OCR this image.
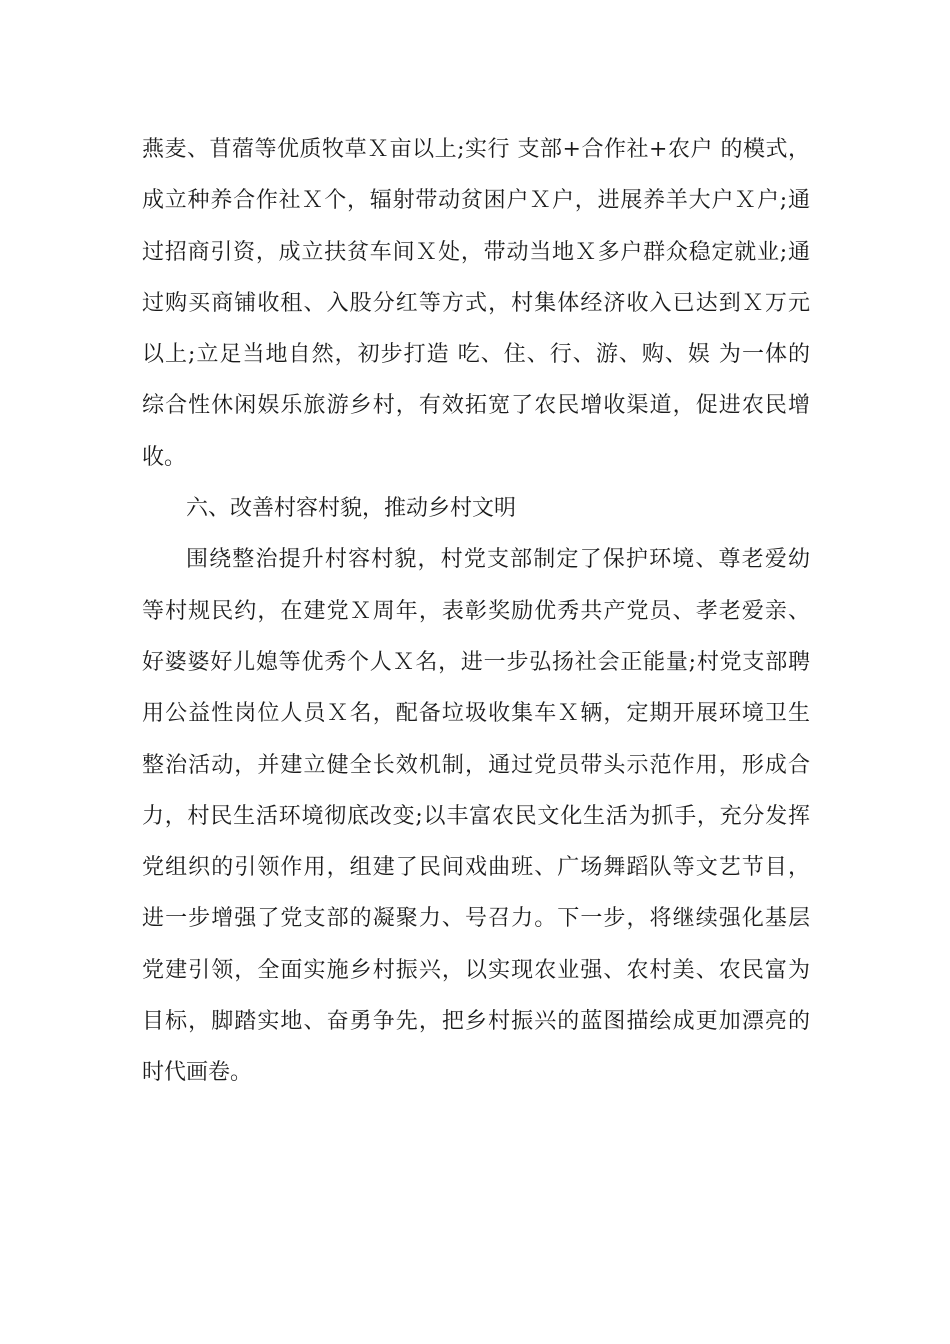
燕麦、苜蓿等优质牧草Ｘ亩以上;实行 支部+合作社+农户 的模式，
成立种养合作社Ｘ个，辐射带动贫困户Ｘ户，进展养羊大户Ｘ户;通
过招商引资，成立扶贫车间Ｘ处，带动当地Ｘ多户群众稳定就业;通
过购买商铺收租、入股分红等方式，村集体经济收入已达到Ｘ万元
以上;立足当地自然，初步打造 吃、住、行、游、购、娱 为一体的
综合性休闲娱乐旅游乡村，有效拓宽了农民增收渠道，促进农民增
收。
六、改善村容村貌，推动乡村文明
围绕整治提升村容村貌，村党支部制定了保护环境、尊老爱幼
等村规民约，在建党Ｘ周年，表彰奖励优秀共产党员、孝老爱亲、
好婆婆好儿媳等优秀个人Ｘ名，进一步弘扬社会正能量;村党支部聘
用公益性岗位人员Ｘ名，配备垃圾收集车Ｘ辆，定期开展环境卫生
整治活动，并建立健全长效机制，通过党员带头示范作用，形成合
力，村民生活环境彻底改变;以丰富农民文化生活为抓手，充分发挥
党组织的引领作用，组建了民间戏曲班、广场舞蹈队等文艺节目，
进一步增强了党支部的凝聚力、号召力。下一步，将继续强化基层
党建引领，全面实施乡村振兴，以实现农业强、农村美、农民富为
目标，脚踏实地、奋勇争先，把乡村振兴的蓝图描绘成更加漂亮的
时代画卷。
